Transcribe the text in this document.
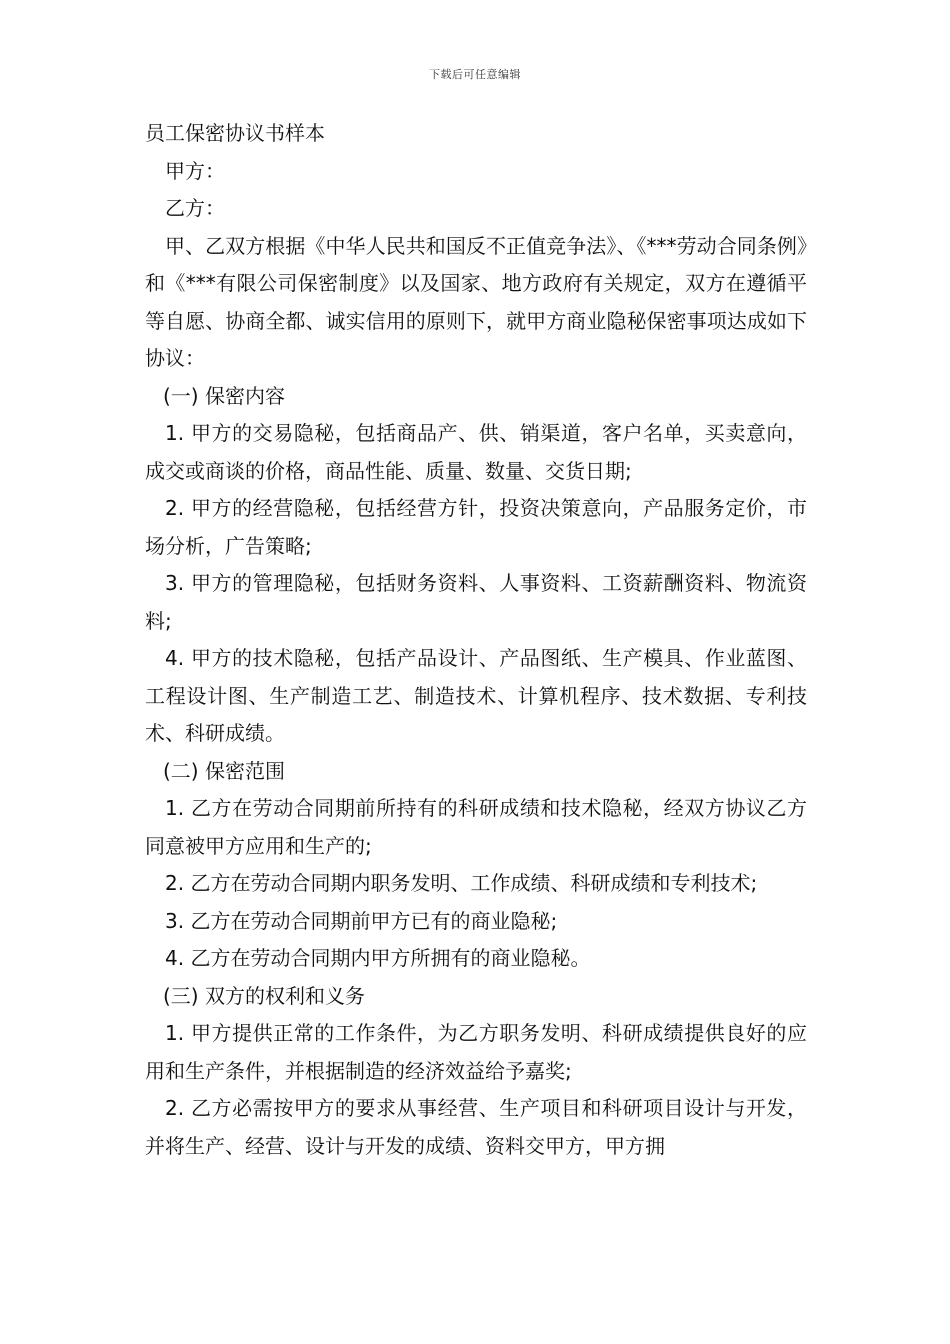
下载后可任意编辑

员工保密协议书样本

甲方：

乙方：

甲、乙双方根据《中华人民共和国反不正值竞争法》、《***劳动合同条例》和《***有限公司保密制度》以及国家、地方政府有关规定，双方在遵循平等自愿、协商全都、诚实信用的原则下，就甲方商业隐秘保密事项达成如下协议：

(一) 保密内容

1. 甲方的交易隐秘，包括商品产、供、销渠道，客户名单，买卖意向，成交或商谈的价格，商品性能、质量、数量、交货日期;

2. 甲方的经营隐秘，包括经营方针，投资决策意向，产品服务定价，市场分析，广告策略;

3. 甲方的管理隐秘，包括财务资料、人事资料、工资薪酬资料、物流资料;

4. 甲方的技术隐秘，包括产品设计、产品图纸、生产模具、作业蓝图、工程设计图、生产制造工艺、制造技术、计算机程序、技术数据、专利技术、科研成绩。

(二) 保密范围

1. 乙方在劳动合同期前所持有的科研成绩和技术隐秘，经双方协议乙方同意被甲方应用和生产的;

2. 乙方在劳动合同期内职务发明、工作成绩、科研成绩和专利技术;

3. 乙方在劳动合同期前甲方已有的商业隐秘;

4. 乙方在劳动合同期内甲方所拥有的商业隐秘。

(三) 双方的权利和义务

1. 甲方提供正常的工作条件，为乙方职务发明、科研成绩提供良好的应用和生产条件，并根据制造的经济效益给予嘉奖;

2. 乙方必需按甲方的要求从事经营、生产项目和科研项目设计与开发，并将生产、经营、设计与开发的成绩、资料交甲方，甲方拥
